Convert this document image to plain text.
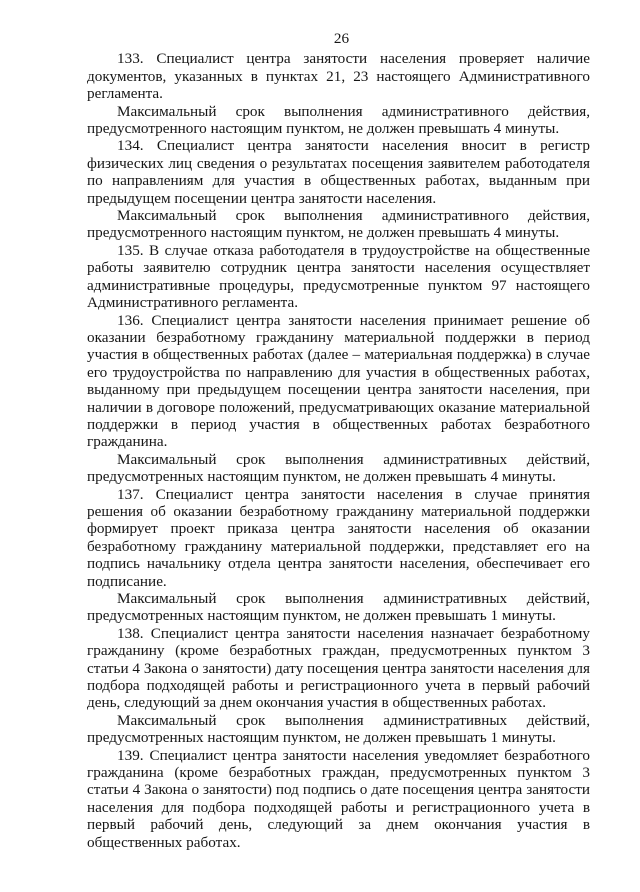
26

133. Специалист центра занятости населения проверяет наличие документов, указанных в пунктах 21, 23 настоящего Административного регламента.

Максимальный срок выполнения административного действия, предусмотренного настоящим пунктом, не должен превышать 4 минуты.

134. Специалист центра занятости населения вносит в регистр физических лиц сведения о результатах посещения заявителем работодателя по направлениям для участия в общественных работах, выданным при предыдущем посещении центра занятости населения.

Максимальный срок выполнения административного действия, предусмотренного настоящим пунктом, не должен превышать 4 минуты.

135. В случае отказа работодателя в трудоустройстве на общественные работы заявителю сотрудник центра занятости населения осуществляет административные процедуры, предусмотренные пунктом 97 настоящего Административного регламента.

136. Специалист центра занятости населения принимает решение об оказании безработному гражданину материальной поддержки в период участия в общественных работах (далее – материальная поддержка) в случае его трудоустройства по направлению для участия в общественных работах, выданному при предыдущем посещении центра занятости населения, при наличии в договоре положений, предусматривающих оказание материальной поддержки в период участия в общественных работах безработного гражданина.

Максимальный срок выполнения административных действий, предусмотренных настоящим пунктом, не должен превышать 4 минуты.

137. Специалист центра занятости населения в случае принятия решения об оказании безработному гражданину материальной поддержки формирует проект приказа центра занятости населения об оказании безработному гражданину материальной поддержки, представляет его на подпись начальнику отдела центра занятости населения, обеспечивает его подписание.

Максимальный срок выполнения административных действий, предусмотренных настоящим пунктом, не должен превышать 1 минуты.

138. Специалист центра занятости населения назначает безработному гражданину (кроме безработных граждан, предусмотренных пунктом 3 статьи 4 Закона о занятости) дату посещения центра занятости населения для подбора подходящей работы и регистрационного учета в первый рабочий день, следующий за днем окончания участия в общественных работах.

Максимальный срок выполнения административных действий, предусмотренных настоящим пунктом, не должен превышать 1 минуты.

139. Специалист центра занятости населения уведомляет безработного гражданина (кроме безработных граждан, предусмотренных пунктом 3 статьи 4 Закона о занятости) под подпись о дате посещения центра занятости населения для подбора подходящей работы и регистрационного учета в первый рабочий день, следующий за днем окончания участия в общественных работах.
